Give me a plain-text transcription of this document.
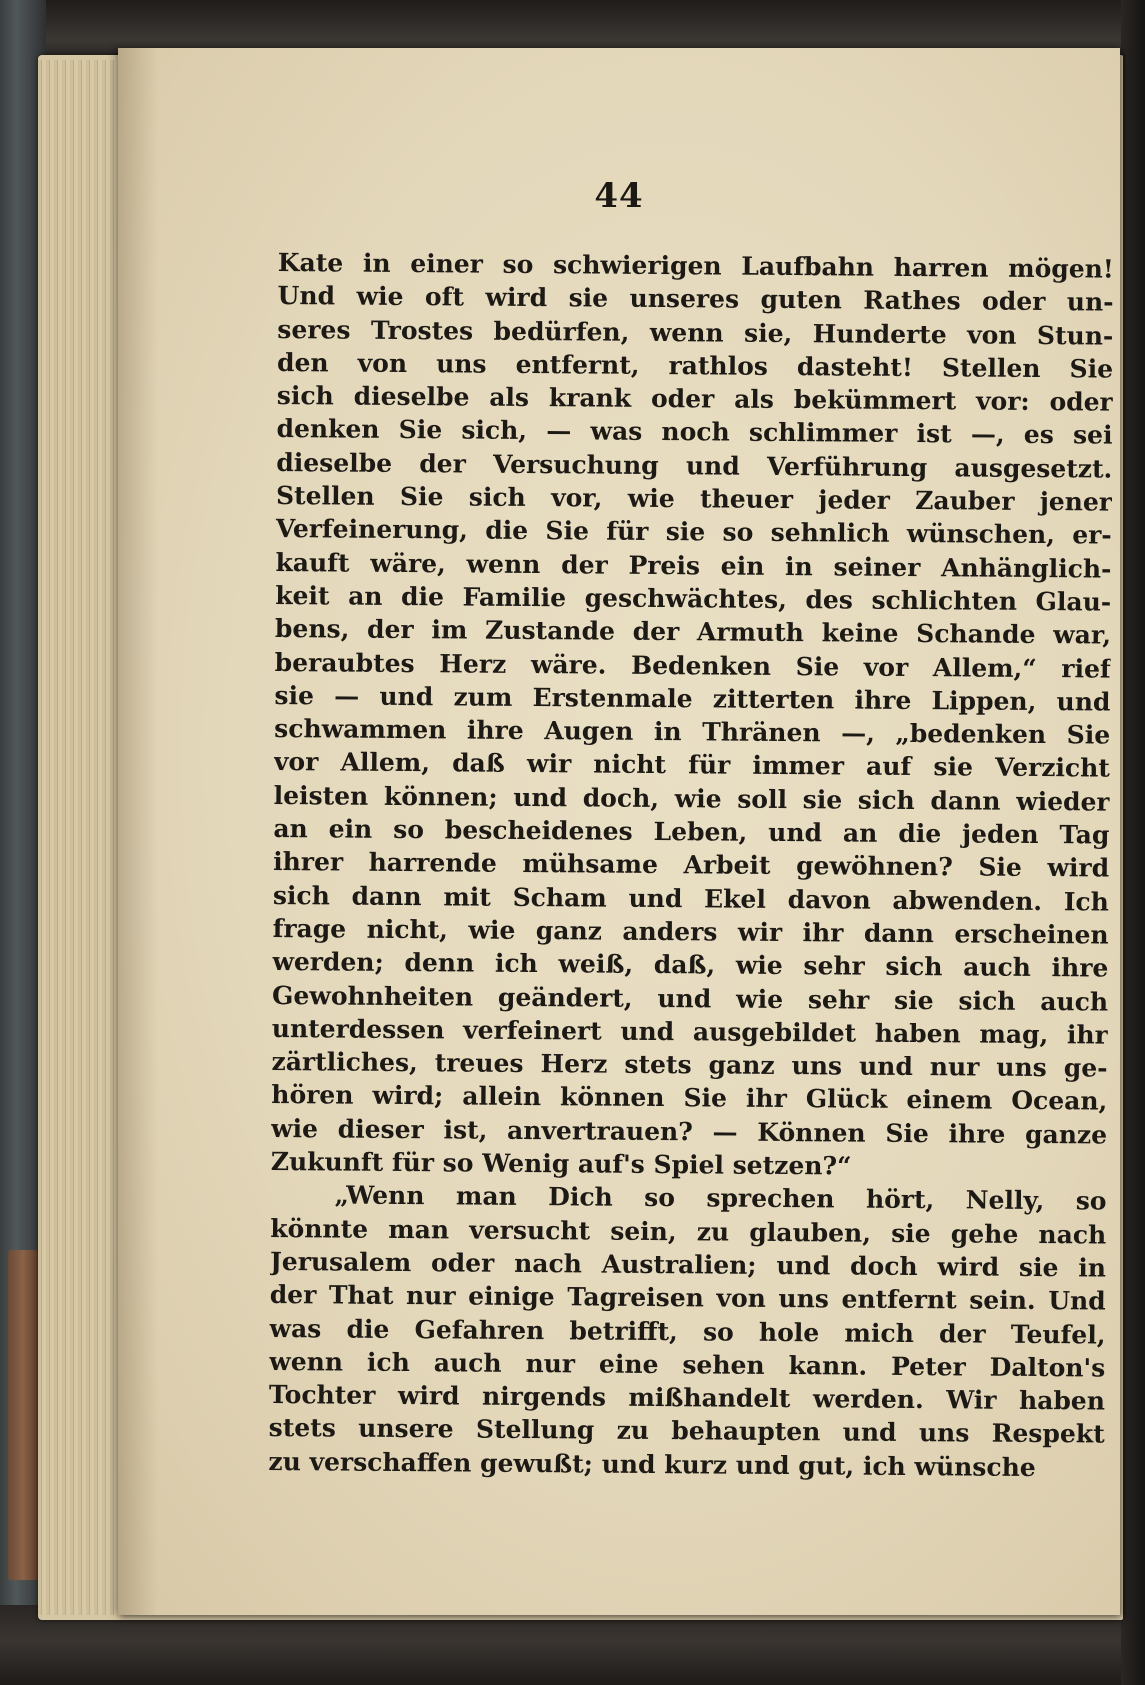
44
Kate in einer so schwierigen Laufbahn harren mögen!
Und wie oft wird sie unseres guten Rathes oder un-
seres Trostes bedürfen, wenn sie, Hunderte von Stun-
den von uns entfernt, rathlos dasteht! Stellen Sie
sich dieselbe als krank oder als bekümmert vor: oder
denken Sie sich, — was noch schlimmer ist —, es sei
dieselbe der Versuchung und Verführung ausgesetzt.
Stellen Sie sich vor, wie theuer jeder Zauber jener
Verfeinerung, die Sie für sie so sehnlich wünschen, er-
kauft wäre, wenn der Preis ein in seiner Anhänglich-
keit an die Familie geschwächtes, des schlichten Glau-
bens, der im Zustande der Armuth keine Schande war,
beraubtes Herz wäre. Bedenken Sie vor Allem,“ rief
sie — und zum Erstenmale zitterten ihre Lippen, und
schwammen ihre Augen in Thränen —, „bedenken Sie
vor Allem, daß wir nicht für immer auf sie Verzicht
leisten können; und doch, wie soll sie sich dann wieder
an ein so bescheidenes Leben, und an die jeden Tag
ihrer harrende mühsame Arbeit gewöhnen? Sie wird
sich dann mit Scham und Ekel davon abwenden. Ich
frage nicht, wie ganz anders wir ihr dann erscheinen
werden; denn ich weiß, daß, wie sehr sich auch ihre
Gewohnheiten geändert, und wie sehr sie sich auch
unterdessen verfeinert und ausgebildet haben mag, ihr
zärtliches, treues Herz stets ganz uns und nur uns ge-
hören wird; allein können Sie ihr Glück einem Ocean,
wie dieser ist, anvertrauen? — Können Sie ihre ganze
Zukunft für so Wenig auf's Spiel setzen?“
„Wenn man Dich so sprechen hört, Nelly, so
könnte man versucht sein, zu glauben, sie gehe nach
Jerusalem oder nach Australien; und doch wird sie in
der That nur einige Tagreisen von uns entfernt sein. Und
was die Gefahren betrifft, so hole mich der Teufel,
wenn ich auch nur eine sehen kann. Peter Dalton's
Tochter wird nirgends mißhandelt werden. Wir haben
stets unsere Stellung zu behaupten und uns Respekt
zu verschaffen gewußt; und kurz und gut, ich wünsche
